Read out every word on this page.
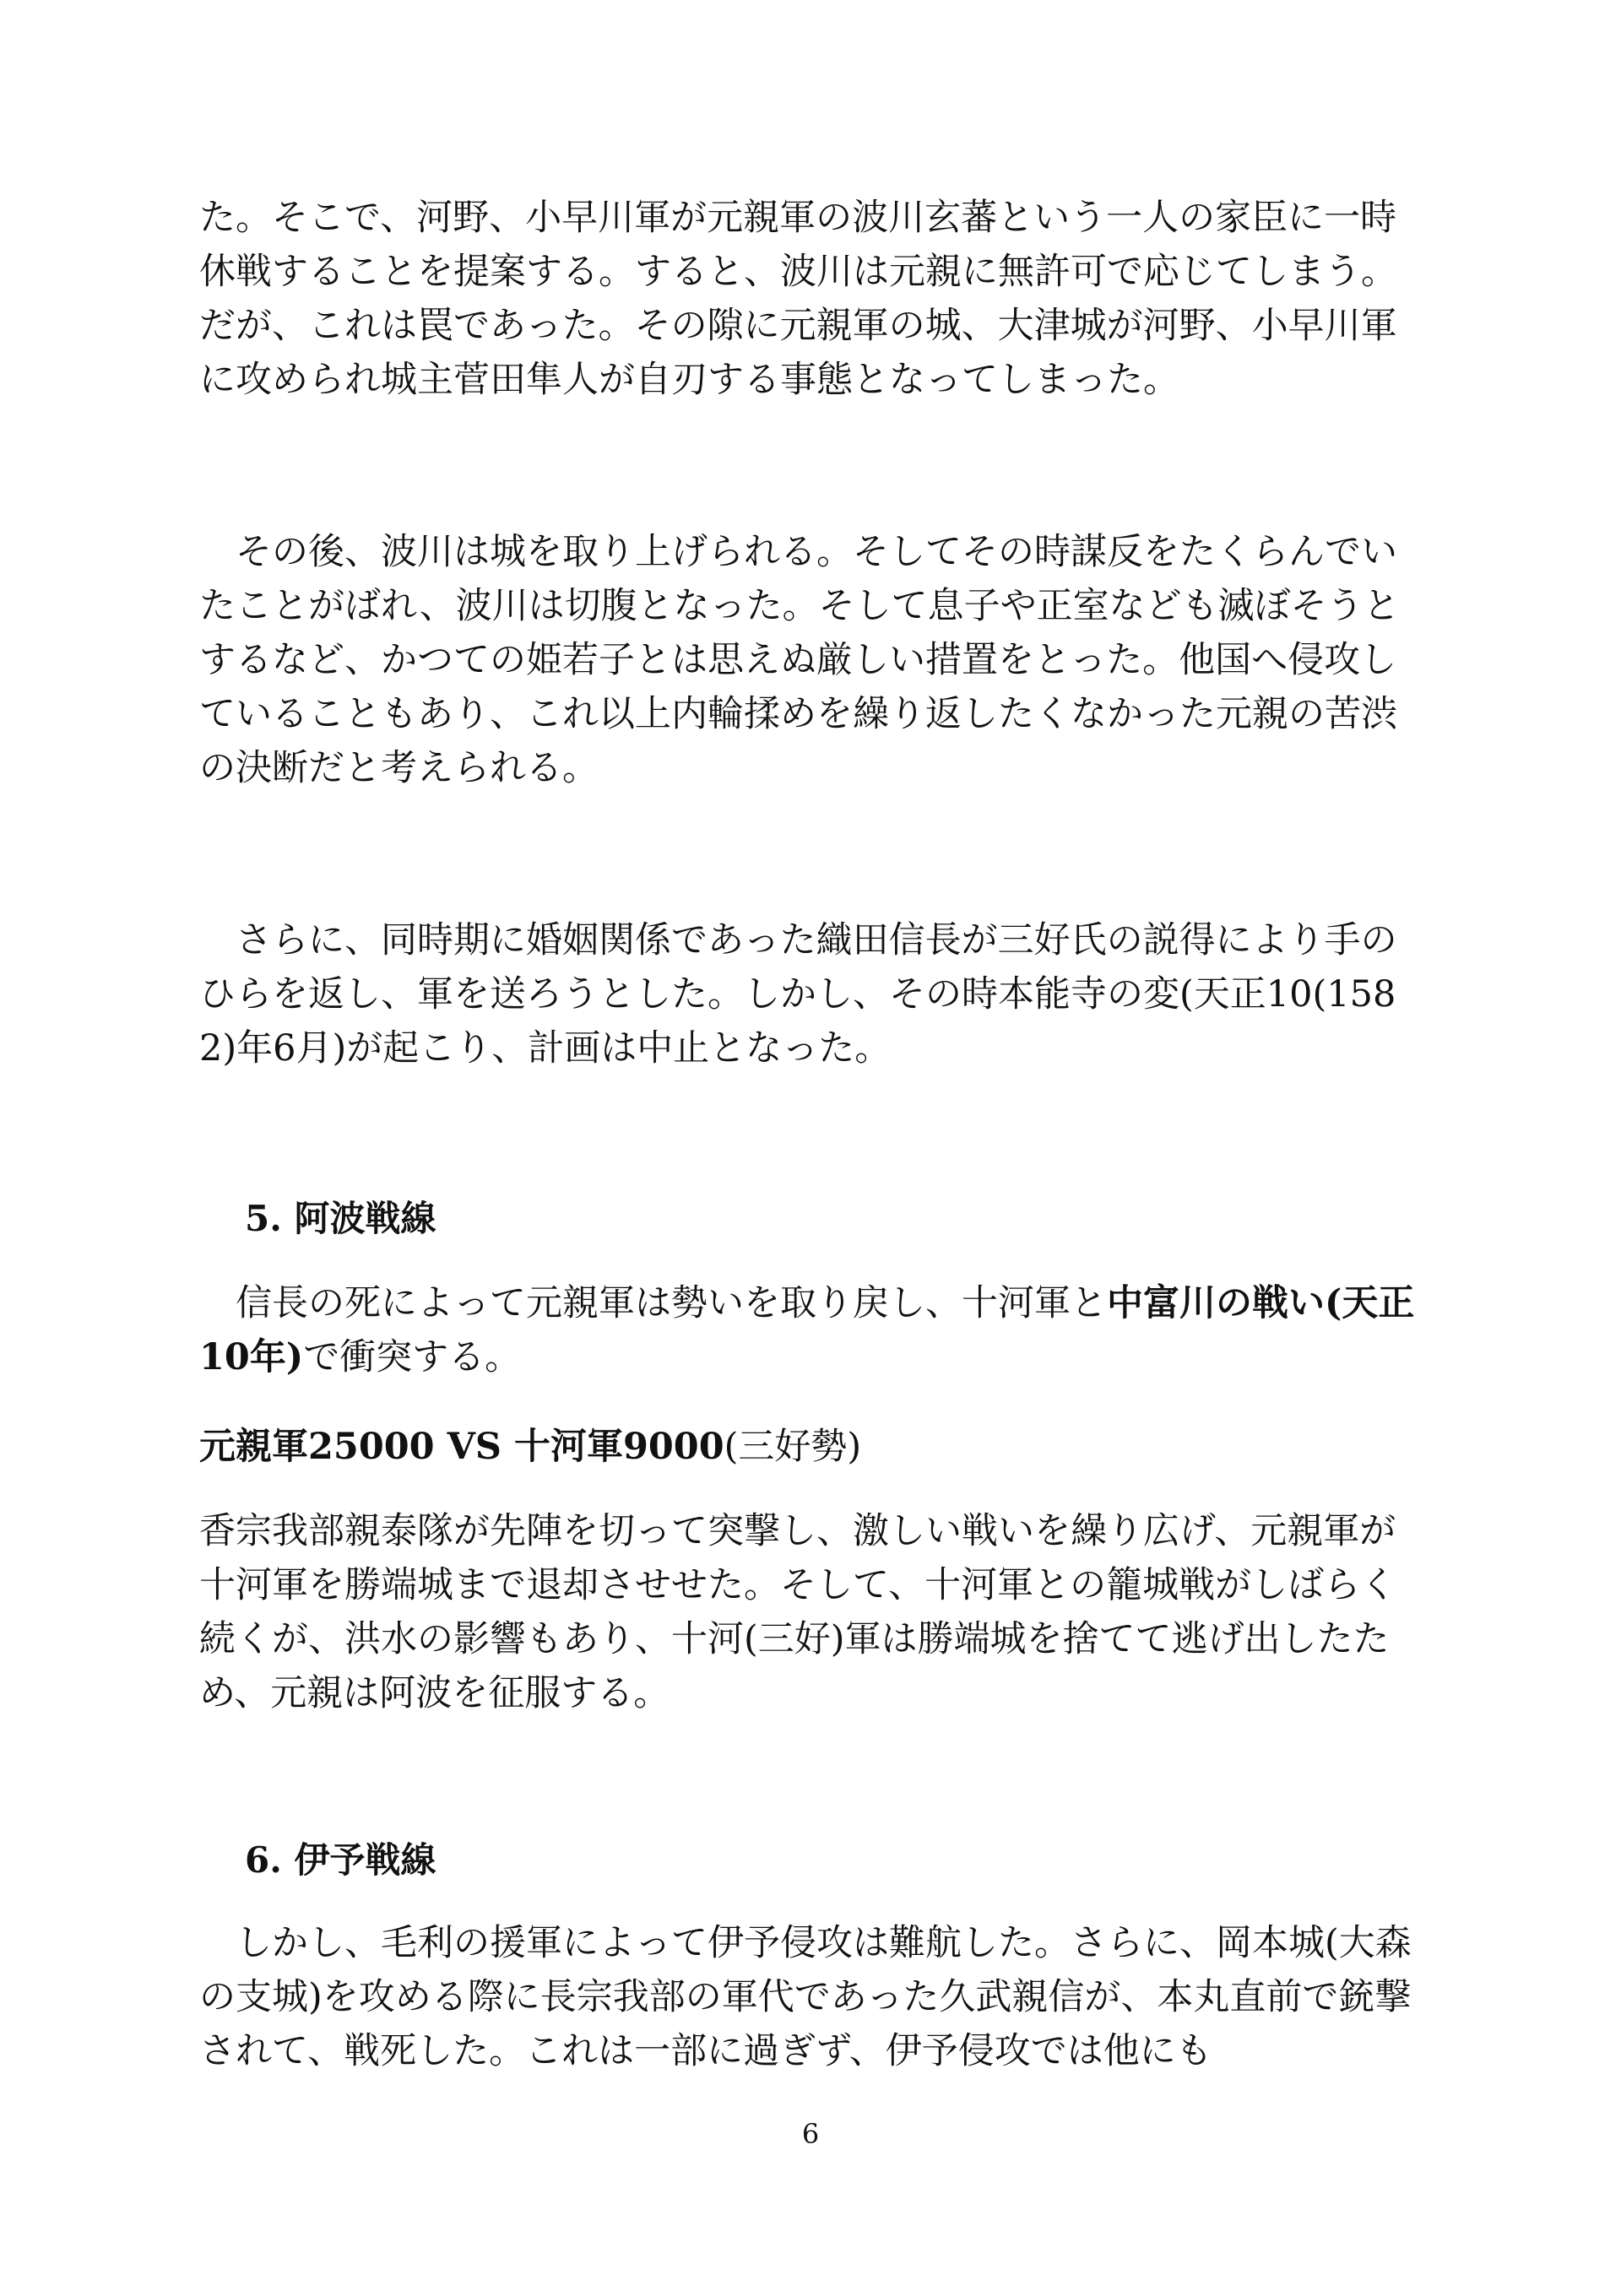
た。そこで、河野、小早川軍が元親軍の波川玄蕃という一人の家臣に一時休戦することを提案する。すると、波川は元親に無許可で応じてしまう。だが、これは罠であった。その隙に元親軍の城、大津城が河野、小早川軍に攻められ城主菅田隼人が自刃する事態となってしまった。

その後、波川は城を取り上げられる。そしてその時謀反をたくらんでいたことがばれ、波川は切腹となった。そして息子や正室なども滅ぼそうとするなど、かつての姫若子とは思えぬ厳しい措置をとった。他国へ侵攻していることもあり、これ以上内輪揉めを繰り返したくなかった元親の苦渋の決断だと考えられる。

さらに、同時期に婚姻関係であった織田信長が三好氏の説得により手のひらを返し、軍を送ろうとした。しかし、その時本能寺の変(天正10(1582)年6月)が起こり、計画は中止となった。

5. 阿波戦線

信長の死によって元親軍は勢いを取り戻し、十河軍と中富川の戦い(天正10年)で衝突する。

元親軍25000 VS 十河軍9000(三好勢)

香宗我部親泰隊が先陣を切って突撃し、激しい戦いを繰り広げ、元親軍が十河軍を勝端城まで退却させせた。そして、十河軍との籠城戦がしばらく続くが、洪水の影響もあり、十河(三好)軍は勝端城を捨てて逃げ出したため、元親は阿波を征服する。

6. 伊予戦線

しかし、毛利の援軍によって伊予侵攻は難航した。さらに、岡本城(大森の支城)を攻める際に長宗我部の軍代であった久武親信が、本丸直前で銃撃されて、戦死した。これは一部に過ぎず、伊予侵攻では他にも

6
